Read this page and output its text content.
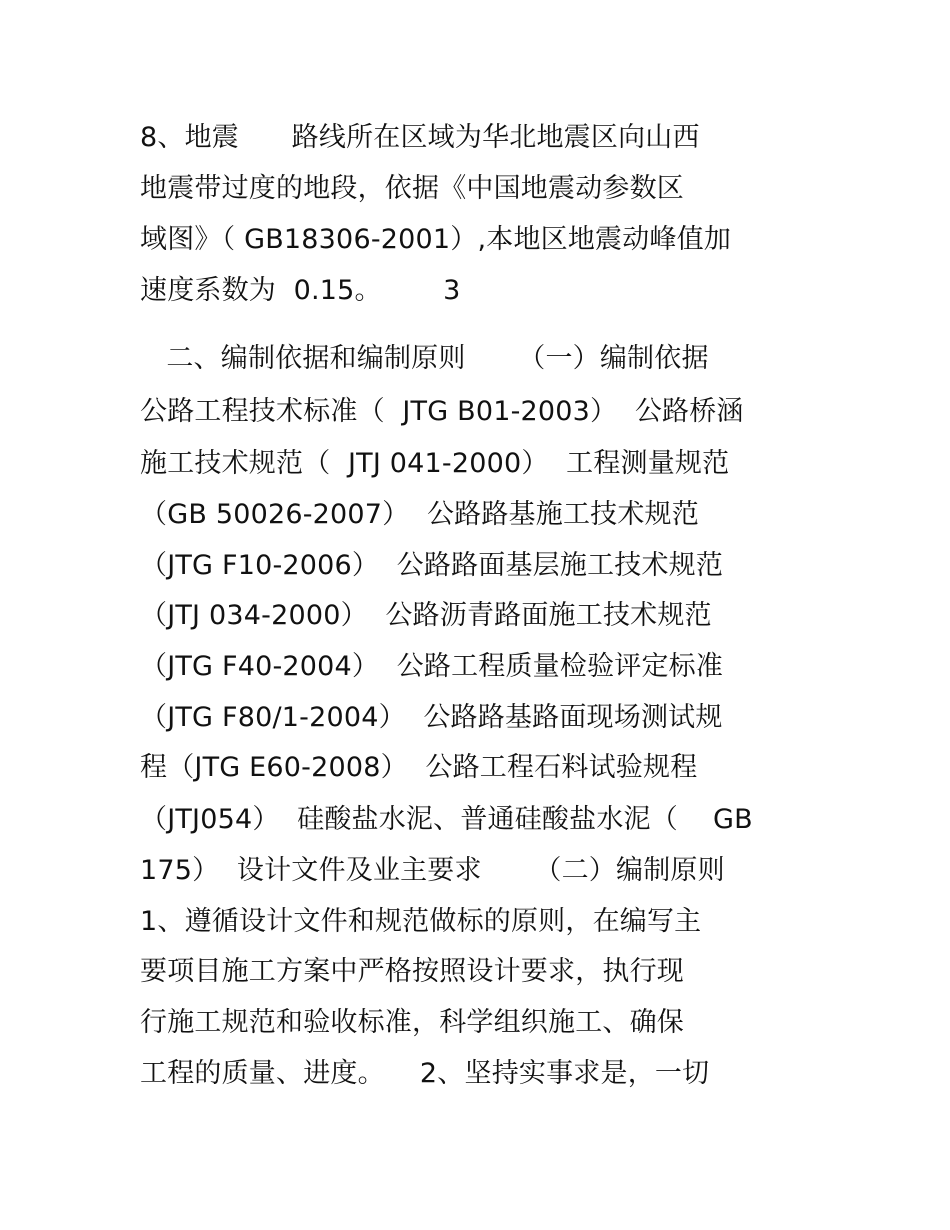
8、地震      路线所在区域为华北地震区向山西
地震带过度的地段，依据《中国地震动参数区
域图》（ GB18306-2001）,本地区地震动峰值加
速度系数为  0.15。       3
二、编制依据和编制原则      （一）编制依据
公路工程技术标准（  JTG B01-2003）  公路桥涵
施工技术规范（  JTJ 041-2000）  工程测量规范
（GB 50026-2007）  公路路基施工技术规范
（JTG F10-2006）  公路路面基层施工技术规范
（JTJ 034-2000）  公路沥青路面施工技术规范
（JTG F40-2004）  公路工程质量检验评定标准
（JTG F80/1-2004）  公路路基路面现场测试规
程（JTG E60-2008）  公路工程石料试验规程
（JTJ054）  硅酸盐水泥、普通硅酸盐水泥（    GB
175）  设计文件及业主要求      （二）编制原则
1、遵循设计文件和规范做标的原则，在编写主
要项目施工方案中严格按照设计要求，执行现
行施工规范和验收标准，科学组织施工、确保
工程的质量、进度。    2、坚持实事求是，一切
